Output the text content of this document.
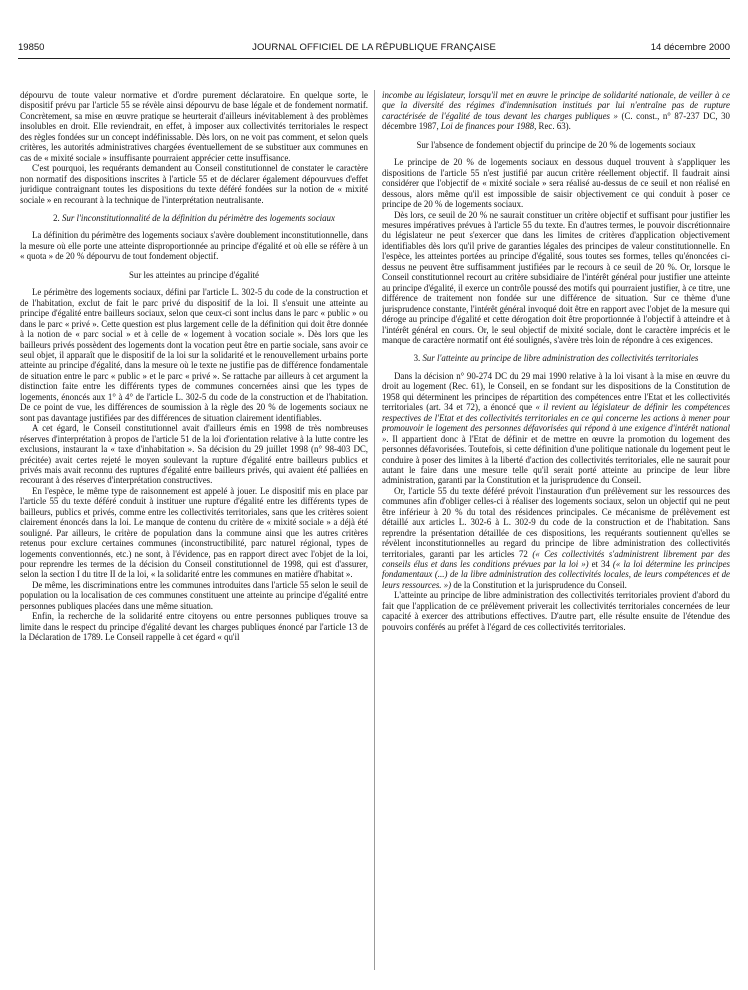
19850	JOURNAL OFFICIEL DE LA RÉPUBLIQUE FRANÇAISE	14 décembre 2000

dépourvu de toute valeur normative et d'ordre purement déclaratoire. En quelque sorte, le dispositif prévu par l'article 55 se révèle ainsi dépourvu de base légale et de fondement normatif. Concrètement, sa mise en œuvre pratique se heurterait d'ailleurs inévitablement à des problèmes insolubles en droit. Elle reviendrait, en effet, à imposer aux collectivités territoriales le respect des règles fondées sur un concept indéfinissable. Dès lors, on ne voit pas comment, et selon quels critères, les autorités administratives chargées éventuellement de se substituer aux communes en cas de « mixité sociale » insuffisante pourraient apprécier cette insuffisance.

C'est pourquoi, les requérants demandent au Conseil constitutionnel de constater le caractère non normatif des dispositions inscrites à l'article 55 et de déclarer également dépourvues d'effet juridique contraignant toutes les dispositions du texte déféré fondées sur la notion de « mixité sociale » en recourant à la technique de l'interprétation neutralisante.

2. Sur l'inconstitutionnalité de la définition du périmètre des logements sociaux

La définition du périmètre des logements sociaux s'avère doublement inconstitutionnelle, dans la mesure où elle porte une atteinte disproportionnée au principe d'égalité et où elle se réfère à un « quota » de 20 % dépourvu de tout fondement objectif.

Sur les atteintes au principe d'égalité

Le périmètre des logements sociaux, défini par l'article L. 302-5 du code de la construction et de l'habitation, exclut de fait le parc privé du dispositif de la loi. Il s'ensuit une atteinte au principe d'égalité entre bailleurs sociaux, selon que ceux-ci sont inclus dans le parc « public » ou dans le parc « privé ». Cette question est plus largement celle de la définition qui doit être donnée à la notion de « parc social » et à celle de « logement à vocation sociale ». Dès lors que les bailleurs privés possèdent des logements dont la vocation peut être en partie sociale, sans avoir ce seul objet, il apparaît que le dispositif de la loi sur la solidarité et le renouvellement urbains porte atteinte au principe d'égalité, dans la mesure où le texte ne justifie pas de différence fondamentale de situation entre le parc « public » et le parc « privé ». Se rattache par ailleurs à cet argument la distinction faite entre les différents types de communes concernées ainsi que les types de logements, énoncés aux 1° à 4° de l'article L. 302-5 du code de la construction et de l'habitation. De ce point de vue, les différences de soumission à la règle des 20 % de logements sociaux ne sont pas davantage justifiées par des différences de situation clairement identifiables.

A cet égard, le Conseil constitutionnel avait d'ailleurs émis en 1998 de très nombreuses réserves d'interprétation à propos de l'article 51 de la loi d'orientation relative à la lutte contre les exclusions, instaurant la « taxe d'inhabitation ». Sa décision du 29 juillet 1998 (n° 98-403 DC, précitée) avait certes rejeté le moyen soulevant la rupture d'égalité entre bailleurs publics et privés mais avait reconnu des ruptures d'égalité entre bailleurs privés, qui avaient été palliées en recourant à des réserves d'interprétation constructives.

En l'espèce, le même type de raisonnement est appelé à jouer. Le dispositif mis en place par l'article 55 du texte déféré conduit à instituer une rupture d'égalité entre les différents types de bailleurs, publics et privés, comme entre les collectivités territoriales, sans que les critères soient clairement énoncés dans la loi. Le manque de contenu du critère de « mixité sociale » a déjà été souligné. Par ailleurs, le critère de population dans la commune ainsi que les autres critères retenus pour exclure certaines communes (inconstructibilité, parc naturel régional, types de logements conventionnés, etc.) ne sont, à l'évidence, pas en rapport direct avec l'objet de la loi, pour reprendre les termes de la décision du Conseil constitutionnel de 1998, qui est d'assurer, selon la section I du titre II de la loi, « la solidarité entre les communes en matière d'habitat ».

De même, les discriminations entre les communes introduites dans l'article 55 selon le seuil de population ou la localisation de ces communes constituent une atteinte au principe d'égalité entre personnes publiques placées dans une même situation.

Enfin, la recherche de la solidarité entre citoyens ou entre personnes publiques trouve sa limite dans le respect du principe d'égalité devant les charges publiques énoncé par l'article 13 de la Déclaration de 1789. Le Conseil rappelle à cet égard « qu'il

incombe au législateur, lorsqu'il met en œuvre le principe de solidarité nationale, de veiller à ce que la diversité des régimes d'indemnisation institués par lui n'entraîne pas de rupture caractérisée de l'égalité de tous devant les charges publiques » (C. const., n° 87-237 DC, 30 décembre 1987, Loi de finances pour 1988, Rec. 63).

Sur l'absence de fondement objectif du principe de 20 % de logements sociaux

Le principe de 20 % de logements sociaux en dessous duquel trouvent à s'appliquer les dispositions de l'article 55 n'est justifié par aucun critère réellement objectif. Il faudrait ainsi considérer que l'objectif de « mixité sociale » sera réalisé au-dessus de ce seuil et non réalisé en dessous, alors même qu'il est impossible de saisir objectivement ce qui conduit à poser ce principe de 20 % de logements sociaux.

Dès lors, ce seuil de 20 % ne saurait constituer un critère objectif et suffisant pour justifier les mesures impératives prévues à l'article 55 du texte. En d'autres termes, le pouvoir discrétionnaire du législateur ne peut s'exercer que dans les limites de critères d'application objectivement identifiables dès lors qu'il prive de garanties légales des principes de valeur constitutionnelle. En l'espèce, les atteintes portées au principe d'égalité, sous toutes ses formes, telles qu'énoncées ci-dessus ne peuvent être suffisamment justifiées par le recours à ce seuil de 20 %. Or, lorsque le Conseil constitutionnel recourt au critère subsidiaire de l'intérêt général pour justifier une atteinte au principe d'égalité, il exerce un contrôle poussé des motifs qui pourraient justifier, à ce titre, une différence de traitement non fondée sur une différence de situation. Sur ce thème d'une jurisprudence constante, l'intérêt général invoqué doit être en rapport avec l'objet de la mesure qui déroge au principe d'égalité et cette dérogation doit être proportionnée à l'objectif à atteindre et à l'intérêt général en cours. Or, le seul objectif de mixité sociale, dont le caractère imprécis et le manque de caractère normatif ont été soulignés, s'avère très loin de répondre à ces exigences.

3. Sur l'atteinte au principe de libre administration des collectivités territoriales

Dans la décision n° 90-274 DC du 29 mai 1990 relative à la loi visant à la mise en œuvre du droit au logement (Rec. 61), le Conseil, en se fondant sur les dispositions de la Constitution de 1958 qui déterminent les principes de répartition des compétences entre l'Etat et les collectivités territoriales (art. 34 et 72), a énoncé que « il revient au législateur de définir les compétences respectives de l'Etat et des collectivités territoriales en ce qui concerne les actions à mener pour promouvoir le logement des personnes défavorisées qui répond à une exigence d'intérêt national ». Il appartient donc à l'Etat de définir et de mettre en œuvre la promotion du logement des personnes défavorisées. Toutefois, si cette définition d'une politique nationale du logement peut le conduire à poser des limites à la liberté d'action des collectivités territoriales, elle ne saurait pour autant le faire dans une mesure telle qu'il serait porté atteinte au principe de leur libre administration, garanti par la Constitution et la jurisprudence du Conseil.

Or, l'article 55 du texte déféré prévoit l'instauration d'un prélèvement sur les ressources des communes afin d'obliger celles-ci à réaliser des logements sociaux, selon un objectif qui ne peut être inférieur à 20 % du total des résidences principales. Ce mécanisme de prélèvement est détaillé aux articles L. 302-6 à L. 302-9 du code de la construction et de l'habitation. Sans reprendre la présentation détaillée de ces dispositions, les requérants soutiennent qu'elles se révèlent inconstitutionnelles au regard du principe de libre administration des collectivités territoriales, garanti par les articles 72 (« Ces collectivités s'administrent librement par des conseils élus et dans les conditions prévues par la loi ») et 34 (« la loi détermine les principes fondamentaux (...) de la libre administration des collectivités locales, de leurs compétences et de leurs ressources. ») de la Constitution et la jurisprudence du Conseil.

L'atteinte au principe de libre administration des collectivités territoriales provient d'abord du fait que l'application de ce prélèvement priverait les collectivités territoriales concernées de leur capacité à exercer des attributions effectives. D'autre part, elle résulte ensuite de l'étendue des pouvoirs conférés au préfet à l'égard de ces collectivités territoriales.
